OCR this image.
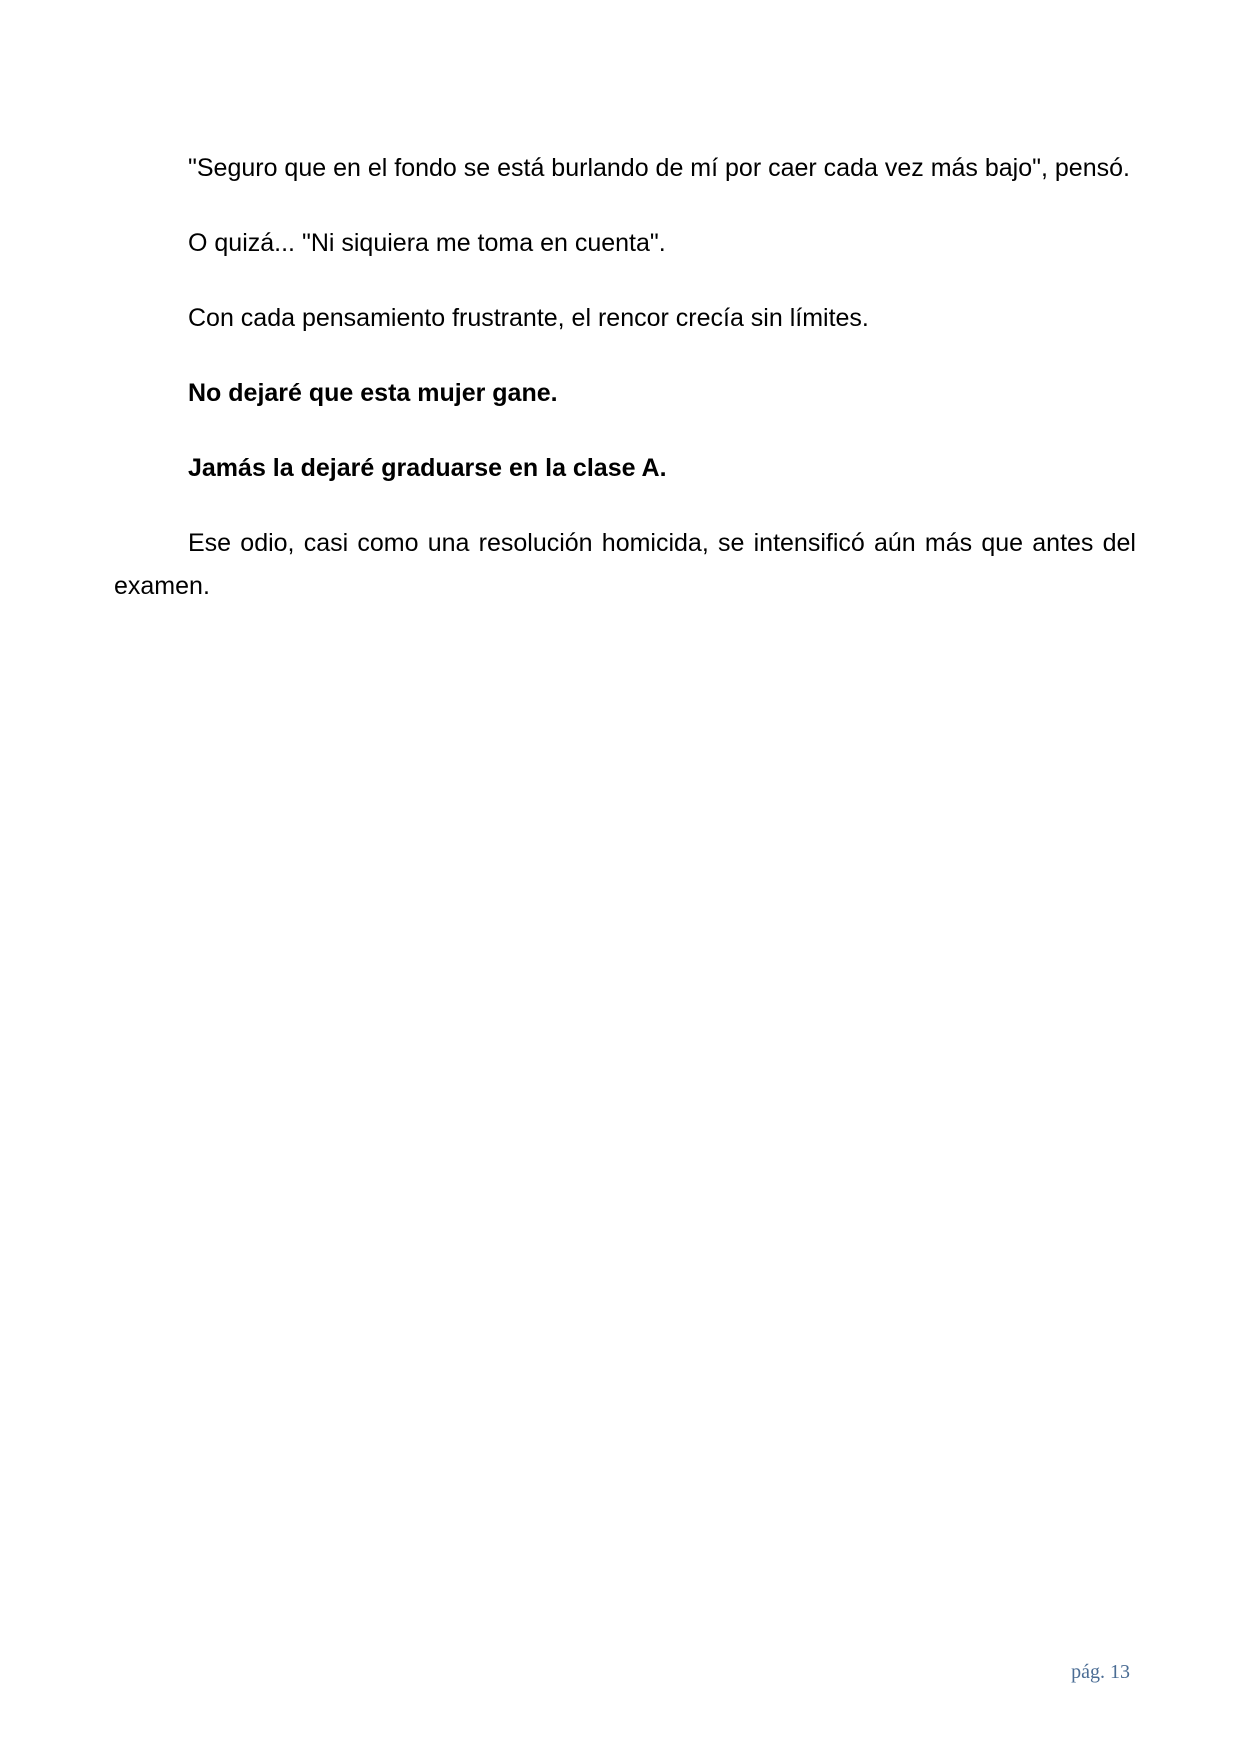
"Seguro que en el fondo se está burlando de mí por caer cada vez más bajo", pensó.

O quizá... "Ni siquiera me toma en cuenta".

Con cada pensamiento frustrante, el rencor crecía sin límites.

No dejaré que esta mujer gane.

Jamás la dejaré graduarse en la clase A.

Ese odio, casi como una resolución homicida, se intensificó aún más que antes del examen.

pág. 13
